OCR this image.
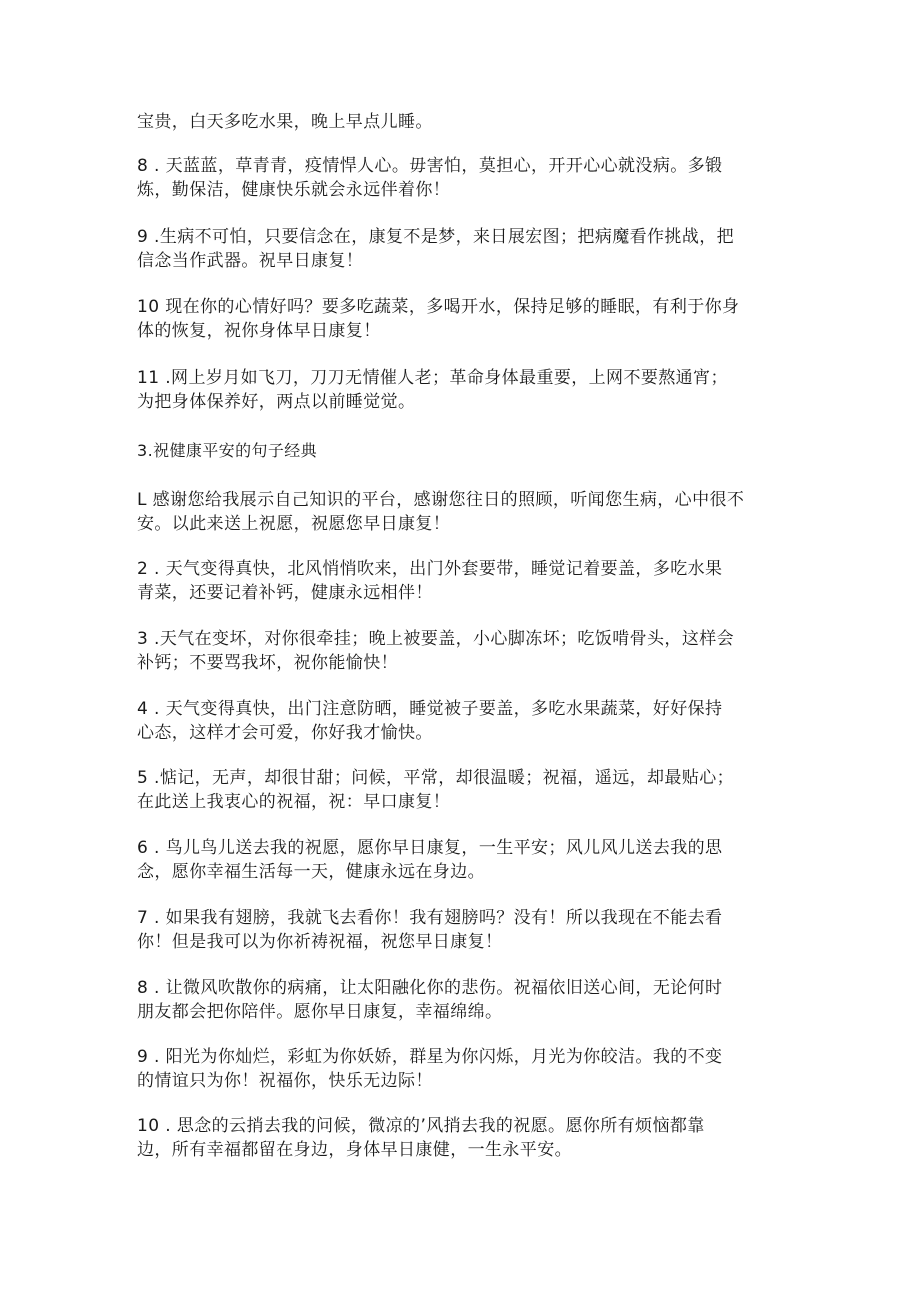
宝贵，白天多吃水果，晚上早点儿睡。

8 . 天蓝蓝，草青青，疫情悍人心。毋害怕，莫担心，开开心心就没病。多锻
炼，勤保洁，健康快乐就会永远伴着你！

9 .生病不可怕，只要信念在，康复不是梦，来日展宏图；把病魔看作挑战，把
信念当作武器。祝早日康复！

10 现在你的心情好吗？要多吃蔬菜，多喝开水，保持足够的睡眠，有利于你身
体的恢复，祝你身体早日康复！

11 .网上岁月如飞刀，刀刀无情催人老；革命身体最重要，上网不要熬通宵；
为把身体保养好，两点以前睡觉觉。

3.祝健康平安的句子经典

L 感谢您给我展示自己知识的平台，感谢您往日的照顾，听闻您生病，心中很不
安。以此来送上祝愿，祝愿您早日康复！

2 . 天气变得真快，北风悄悄吹来，出门外套要带，睡觉记着要盖，多吃水果
青菜，还要记着补钙，健康永远相伴！

3 .天气在变坏，对你很牵挂；晚上被要盖，小心脚冻坏；吃饭啃骨头，这样会
补钙；不要骂我坏，祝你能愉快！

4 . 天气变得真快，出门注意防晒，睡觉被子要盖，多吃水果蔬菜，好好保持
心态，这样才会可爱，你好我才愉快。

5 .惦记，无声，却很甘甜；问候，平常，却很温暖；祝福，遥远，却最贴心；
在此送上我衷心的祝福，祝：早口康复！

6 . 鸟儿鸟儿送去我的祝愿，愿你早日康复，一生平安；风儿风儿送去我的思
念，愿你幸福生活每一天，健康永远在身边。

7 . 如果我有翅膀，我就飞去看你！我有翅膀吗？没有！所以我现在不能去看
你！但是我可以为你祈祷祝福，祝您早日康复！

8 . 让微风吹散你的病痛，让太阳融化你的悲伤。祝福依旧送心间，无论何时
朋友都会把你陪伴。愿你早日康复，幸福绵绵。

9 . 阳光为你灿烂，彩虹为你妖娇，群星为你闪烁，月光为你皎洁。我的不变
的情谊只为你！祝福你，快乐无边际！

10 . 思念的云捎去我的问候，微凉的’风捎去我的祝愿。愿你所有烦恼都靠
边，所有幸福都留在身边，身体早日康健，一生永平安。
